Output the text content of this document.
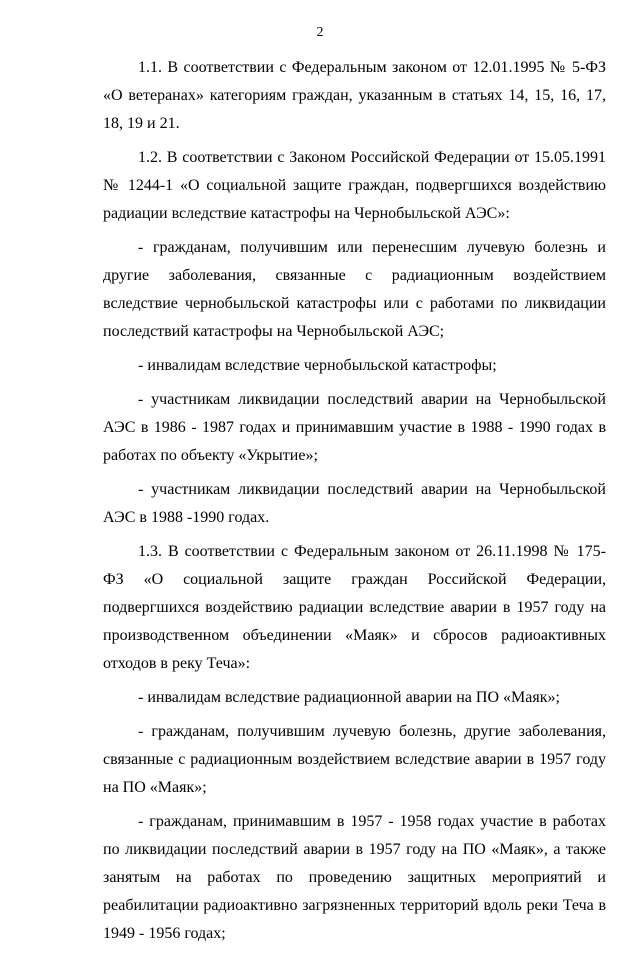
2

1.1. В соответствии с Федеральным законом от 12.01.1995 № 5-ФЗ «О ветеранах» категориям граждан, указанным в статьях 14, 15, 16, 17, 18, 19 и 21.

1.2. В соответствии с Законом Российской Федерации от 15.05.1991 № 1244-1 «О социальной защите граждан, подвергшихся воздействию радиации вследствие катастрофы на Чернобыльской АЭС»:

- гражданам, получившим или перенесшим лучевую болезнь и другие заболевания, связанные с радиационным воздействием вследствие чернобыльской катастрофы или с работами по ликвидации последствий катастрофы на Чернобыльской АЭС;

- инвалидам вследствие чернобыльской катастрофы;

- участникам ликвидации последствий аварии на Чернобыльской АЭС в 1986 - 1987 годах и принимавшим участие в 1988 - 1990 годах в работах по объекту «Укрытие»;

- участникам ликвидации последствий аварии на Чернобыльской АЭС в 1988 -1990 годах.

1.3. В соответствии с Федеральным законом от 26.11.1998 № 175-ФЗ «О социальной защите граждан Российской Федерации, подвергшихся воздействию радиации вследствие аварии в 1957 году на производственном объединении «Маяк» и сбросов радиоактивных отходов в реку Теча»:

- инвалидам вследствие радиационной аварии на ПО «Маяк»;

- гражданам, получившим лучевую болезнь, другие заболевания, связанные с радиационным воздействием вследствие аварии в 1957 году на ПО «Маяк»;

- гражданам, принимавшим в 1957 - 1958 годах участие в работах по ликвидации последствий аварии в 1957 году на ПО «Маяк», а также занятым на работах по проведению защитных мероприятий и реабилитации радиоактивно загрязненных территорий вдоль реки Теча в 1949 - 1956 годах;
